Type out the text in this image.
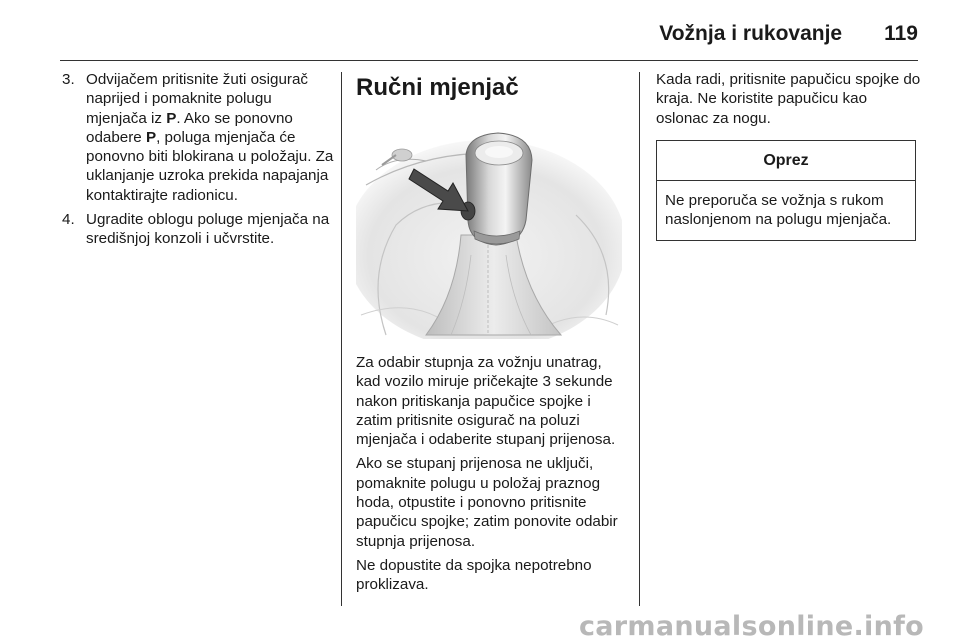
Vožnja i rukovanje 119
3. Odvijačem pritisnite žuti osigurač naprijed i pomaknite polugu mjenjača iz P. Ako se ponovno odabere P, poluga mjenjača će ponovno biti blokirana u položaju. Za uklanjanje uzroka prekida napajanja kontaktirajte radionicu.
4. Ugradite oblogu poluge mjenjača na središnjoj konzoli i učvrstite.
Ručni mjenjač

Za odabir stupnja za vožnju unatrag, kad vozilo miruje pričekajte 3 sekunde nakon pritiskanja papučice spojke i zatim pritisnite osigurač na poluzi mjenjača i odaberite stupanj prijenosa.

Ako se stupanj prijenosa ne uključi, pomaknite polugu u položaj praznog hoda, otpustite i ponovno pritisnite papučicu spojke; zatim ponovite odabir stupnja prijenosa.

Ne dopustite da spojka nepotrebno proklizava.

Kada radi, pritisnite papučicu spojke do kraja. Ne koristite papučicu kao oslonac za nogu.

Oprez
Ne preporuča se vožnja s rukom naslonjenom na polugu mjenjača.
carmanualsonline.info
